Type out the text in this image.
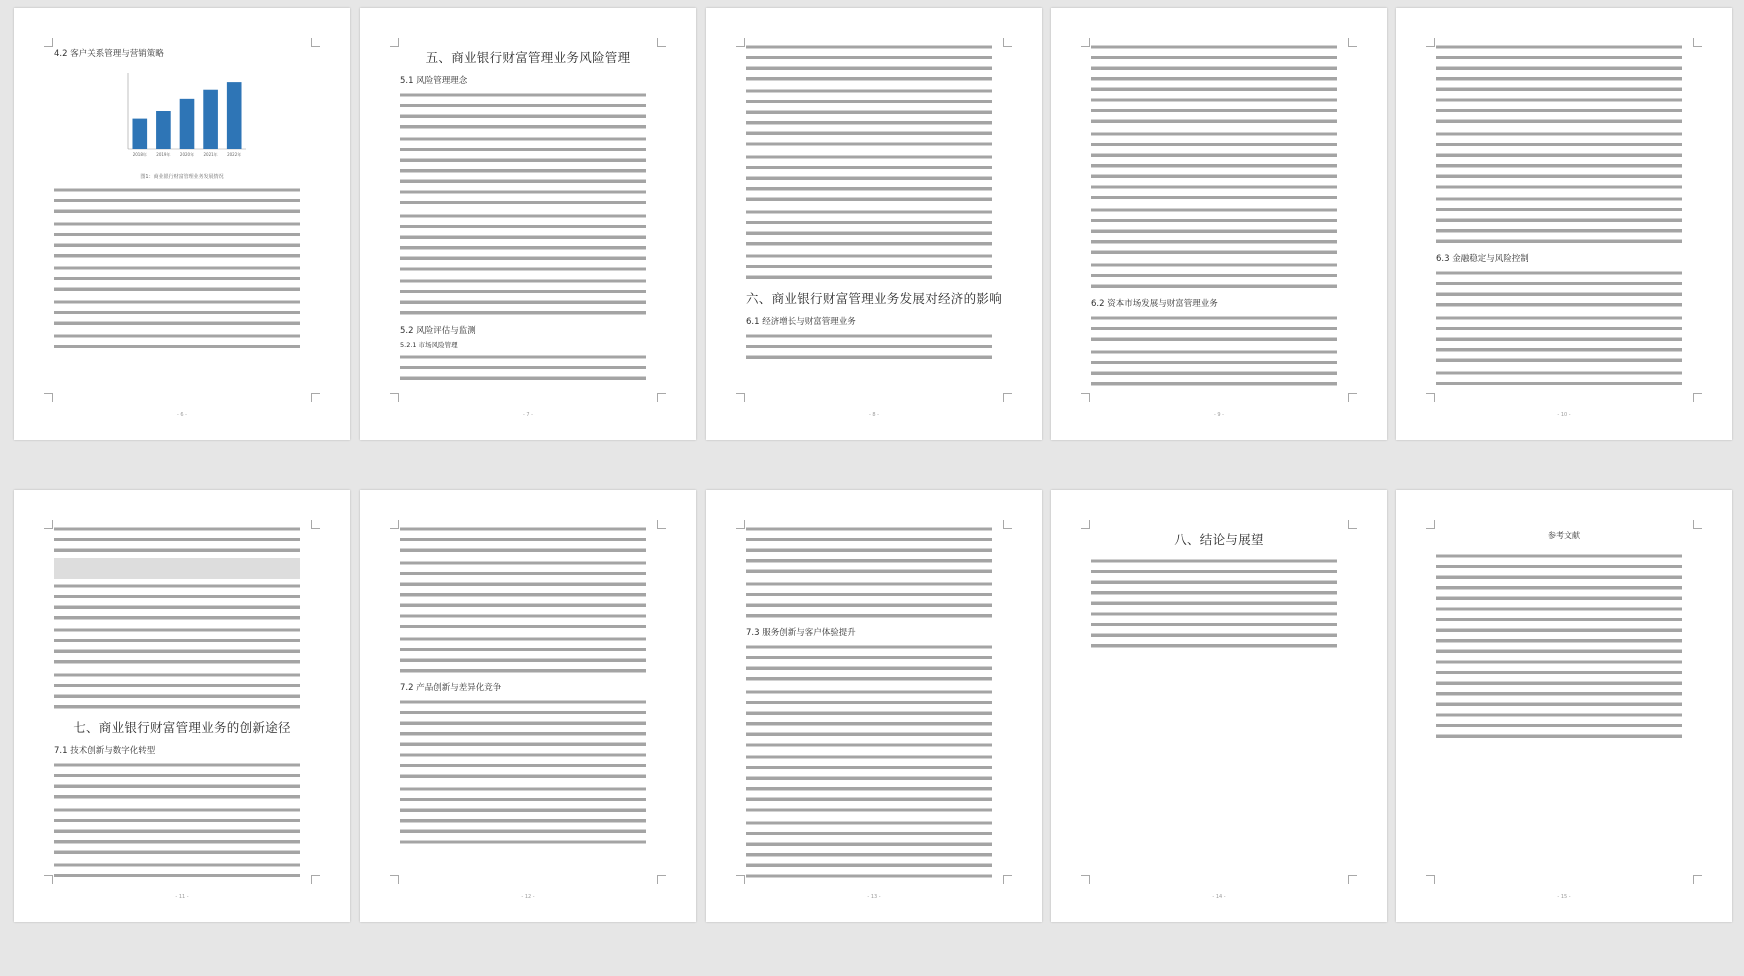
4.2 客户关系管理与营销策略
2018年 2019年 2020年 2021年 2022年
图1：商业银行财富管理业务发展情况
- 6 -
五、商业银行财富管理业务风险管理
5.1 风险管理理念
5.2 风险评估与监测
5.2.1 市场风险管理
- 7 -
六、商业银行财富管理业务发展对经济的影响
6.1 经济增长与财富管理业务
- 8 -
6.2 资本市场发展与财富管理业务
- 9 -
6.3 金融稳定与风险控制
- 10 -
七、商业银行财富管理业务的创新途径
7.1 技术创新与数字化转型
- 11 -
7.2 产品创新与差异化竞争
- 12 -
7.3 服务创新与客户体验提升
- 13 -
八、结论与展望
- 14 -
参考文献
- 15 -
